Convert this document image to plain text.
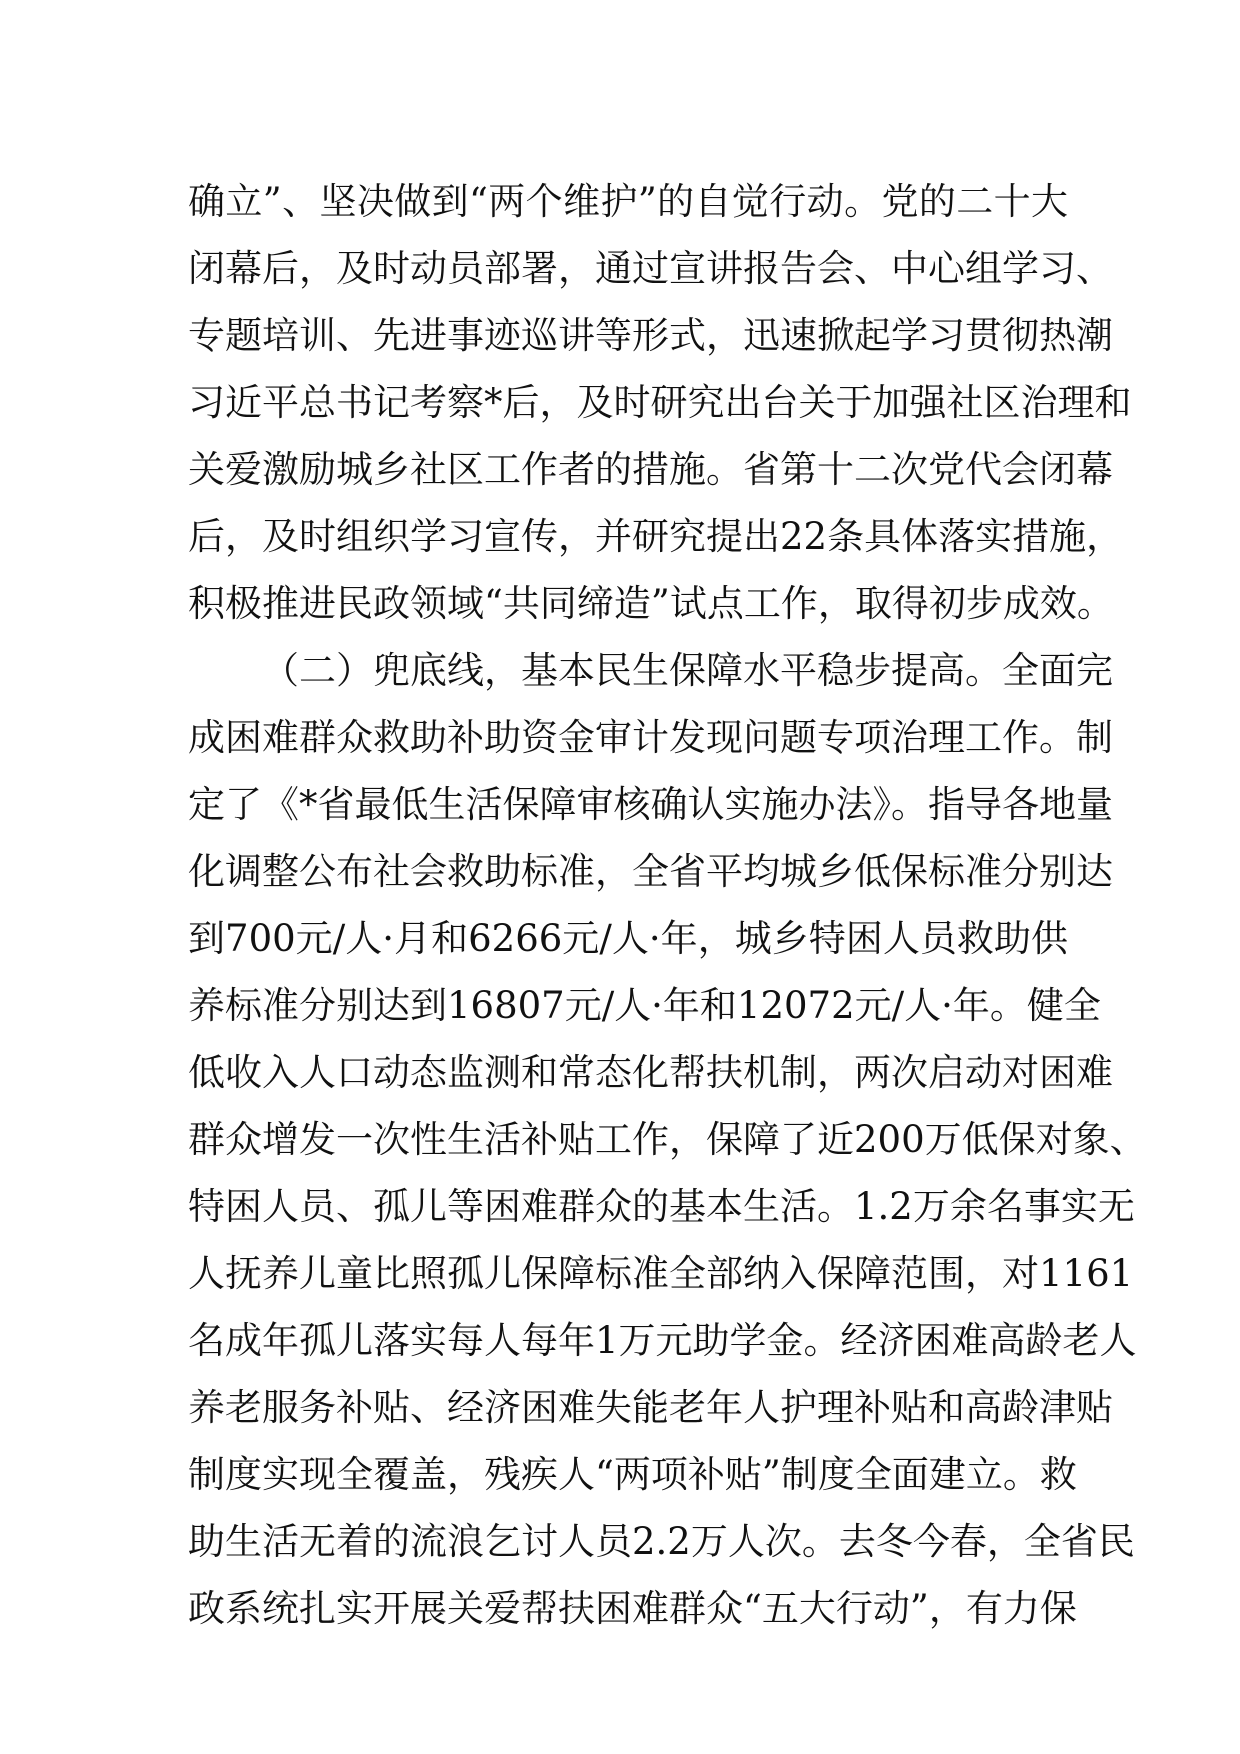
确立”、坚决做到“两个维护”的自觉行动。党的二十大
闭幕后，及时动员部署，通过宣讲报告会、中心组学习、
专题培训、先进事迹巡讲等形式，迅速掀起学习贯彻热潮
习近平总书记考察*后，及时研究出台关于加强社区治理和
关爱激励城乡社区工作者的措施。省第十二次党代会闭幕
后，及时组织学习宣传，并研究提出22条具体落实措施，
积极推进民政领域“共同缔造”试点工作，取得初步成效。
（二）兜底线，基本民生保障水平稳步提高。全面完
成困难群众救助补助资金审计发现问题专项治理工作。制
定了《*省最低生活保障审核确认实施办法》。指导各地量
化调整公布社会救助标准，全省平均城乡低保标准分别达
到700元/人·月和6266元/人·年，城乡特困人员救助供
养标准分别达到16807元/人·年和12072元/人·年。健全
低收入人口动态监测和常态化帮扶机制，两次启动对困难
群众增发一次性生活补贴工作，保障了近200万低保对象、
特困人员、孤儿等困难群众的基本生活。1.2万余名事实无
人抚养儿童比照孤儿保障标准全部纳入保障范围，对1161
名成年孤儿落实每人每年1万元助学金。经济困难高龄老人
养老服务补贴、经济困难失能老年人护理补贴和高龄津贴
制度实现全覆盖，残疾人“两项补贴”制度全面建立。救
助生活无着的流浪乞讨人员2.2万人次。去冬今春，全省民
政系统扎实开展关爱帮扶困难群众“五大行动”，有力保
